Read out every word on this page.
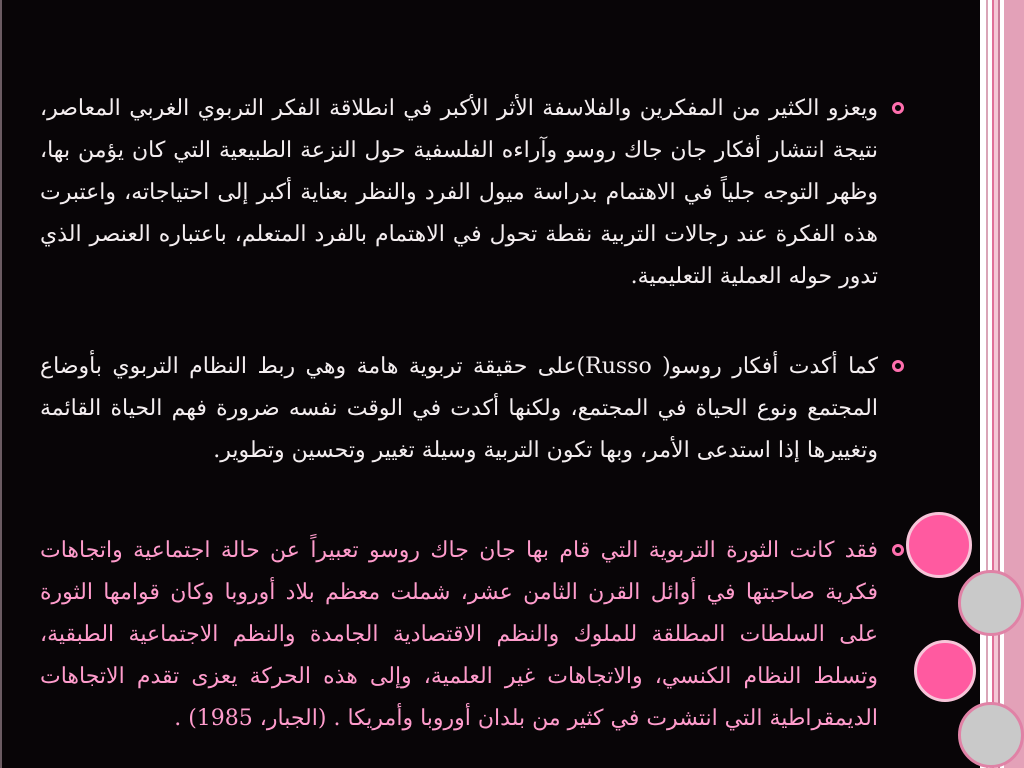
ويعزو الكثير من المفكرين والفلاسفة الأثر الأكبر في انطلاقة الفكر التربوي الغربي المعاصر، نتيجة انتشار أفكار جان جاك روسو وآراءه الفلسفية حول النزعة الطبيعية التي كان يؤمن بها، وظهر التوجه جلياً في الاهتمام بدراسة ميول الفرد والنظر بعناية أكبر إلى احتياجاته، واعتبرت هذه الفكرة عند رجالات التربية نقطة تحول في الاهتمام بالفرد المتعلم، باعتباره العنصر الذي تدور حوله العملية التعليمية.

كما أكدت أفكار روسو( Russo)على حقيقة تربوية هامة وهي ربط النظام التربوي بأوضاع المجتمع ونوع الحياة في المجتمع، ولكنها أكدت في الوقت نفسه ضرورة فهم الحياة القائمة وتغييرها إذا استدعى الأمر، وبها تكون التربية وسيلة تغيير وتحسين وتطوير.

فقد كانت الثورة التربوية التي قام بها جان جاك روسو تعبيراً عن حالة اجتماعية واتجاهات فكرية صاحبتها في أوائل القرن الثامن عشر، شملت معظم بلاد أوروبا وكان قوامها الثورة على السلطات المطلقة للملوك والنظم الاقتصادية الجامدة والنظم الاجتماعية الطبقية، وتسلط النظام الكنسي، والاتجاهات غير العلمية، وإلى هذه الحركة يعزى تقدم الاتجاهات الديمقراطية التي انتشرت في كثير من بلدان أوروبا وأمريكا . (الجبار، 1985) .
